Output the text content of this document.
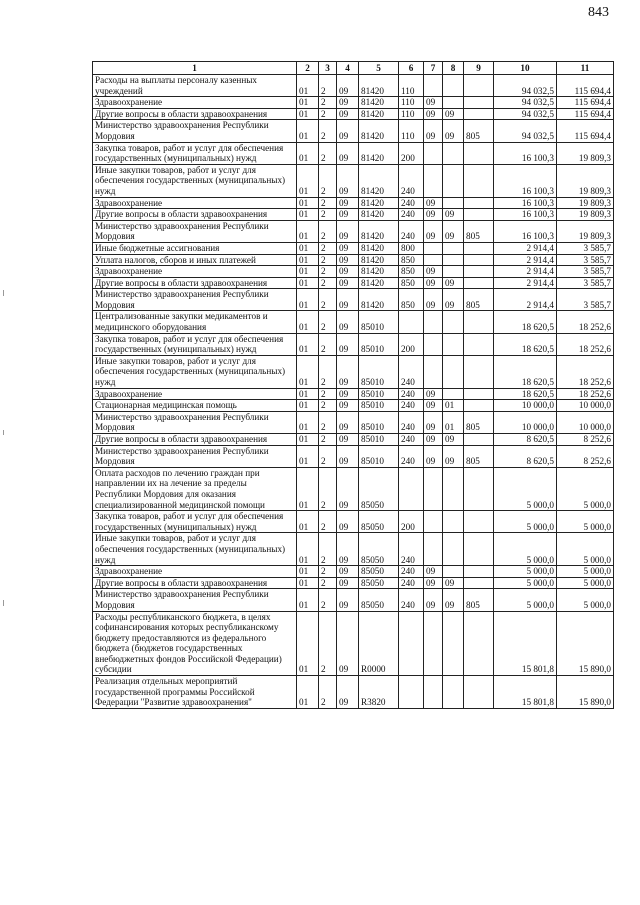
843
1	2	3	4	5	6	7	8	9	10	11
Расходы на выплаты персоналу казенных учреждений	01	2	09	81420	110				94 032,5	115 694,4
Здравоохранение	01	2	09	81420	110	09			94 032,5	115 694,4
Другие вопросы в области здравоохранения	01	2	09	81420	110	09	09		94 032,5	115 694,4
Министерство здравоохранения Республики Мордовия	01	2	09	81420	110	09	09	805	94 032,5	115 694,4
Закупка товаров, работ и услуг для обеспечения государственных (муниципальных) нужд	01	2	09	81420	200				16 100,3	19 809,3
Иные закупки товаров, работ и услуг для обеспечения государственных (муниципальных) нужд	01	2	09	81420	240				16 100,3	19 809,3
Здравоохранение	01	2	09	81420	240	09			16 100,3	19 809,3
Другие вопросы в области здравоохранения	01	2	09	81420	240	09	09		16 100,3	19 809,3
Министерство здравоохранения Республики Мордовия	01	2	09	81420	240	09	09	805	16 100,3	19 809,3
Иные бюджетные ассигнования	01	2	09	81420	800				2 914,4	3 585,7
Уплата налогов, сборов и иных платежей	01	2	09	81420	850				2 914,4	3 585,7
Здравоохранение	01	2	09	81420	850	09			2 914,4	3 585,7
Другие вопросы в области здравоохранения	01	2	09	81420	850	09	09		2 914,4	3 585,7
Министерство здравоохранения Республики Мордовия	01	2	09	81420	850	09	09	805	2 914,4	3 585,7
Централизованные закупки медикаментов и медицинского оборудования	01	2	09	85010					18 620,5	18 252,6
Закупка товаров, работ и услуг для обеспечения государственных (муниципальных) нужд	01	2	09	85010	200				18 620,5	18 252,6
Иные закупки товаров, работ и услуг для обеспечения государственных (муниципальных) нужд	01	2	09	85010	240				18 620,5	18 252,6
Здравоохранение	01	2	09	85010	240	09			18 620,5	18 252,6
Стационарная медицинская помощь	01	2	09	85010	240	09	01		10 000,0	10 000,0
Министерство здравоохранения Республики Мордовия	01	2	09	85010	240	09	01	805	10 000,0	10 000,0
Другие вопросы в области здравоохранения	01	2	09	85010	240	09	09		8 620,5	8 252,6
Министерство здравоохранения Республики Мордовия	01	2	09	85010	240	09	09	805	8 620,5	8 252,6
Оплата расходов по лечению граждан при направлении их на лечение за пределы Республики Мордовия для оказания специализированной медицинской помощи	01	2	09	85050					5 000,0	5 000,0
Закупка товаров, работ и услуг для обеспечения государственных (муниципальных) нужд	01	2	09	85050	200				5 000,0	5 000,0
Иные закупки товаров, работ и услуг для обеспечения государственных (муниципальных) нужд	01	2	09	85050	240				5 000,0	5 000,0
Здравоохранение	01	2	09	85050	240	09			5 000,0	5 000,0
Другие вопросы в области здравоохранения	01	2	09	85050	240	09	09		5 000,0	5 000,0
Министерство здравоохранения Республики Мордовия	01	2	09	85050	240	09	09	805	5 000,0	5 000,0
Расходы республиканского бюджета, в целях софинансирования которых республиканскому бюджету предоставляются из федерального бюджета (бюджетов государственных внебюджетных фондов Российской Федерации) субсидии	01	2	09	R0000					15 801,8	15 890,0
Реализация отдельных мероприятий государственной программы Российской Федерации "Развитие здравоохранения"	01	2	09	R3820					15 801,8	15 890,0
